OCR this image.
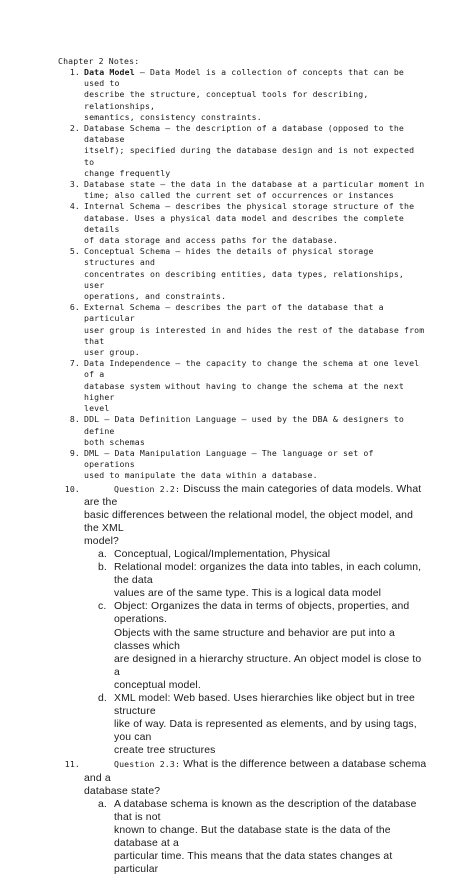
Chapter 2 Notes:
1. Data Model – Data Model is a collection of concepts that can be used to
describe the structure, conceptual tools for describing, relationships,
semantics, consistency constraints.
2. Database Schema – the description of a database (opposed to the database
itself); specified during the database design and is not expected to
change frequently
3. Database state – the data in the database at a particular moment in
time; also called the current set of occurrences or instances
4. Internal Schema – describes the physical storage structure of the
database. Uses a physical data model and describes the complete details
of data storage and access paths for the database.
5. Conceptual Schema – hides the details of physical storage structures and
concentrates on describing entities, data types, relationships, user
operations, and constraints.
6. External Schema – describes the part of the database that a particular
user group is interested in and hides the rest of the database from that
user group.
7. Data Independence – the capacity to change the schema at one level of a
database system without having to change the schema at the next higher
level
8. DDL – Data Definition Language – used by the DBA & designers to define
both schemas
9. DML – Data Manipulation Language – The language or set of operations
used to manipulate the data within a database.
10.	Question 2.2: Discuss the main categories of data models. What are the
basic differences between the relational model, the object model, and the XML
model?
a. Conceptual, Logical/Implementation, Physical
b. Relational model: organizes the data into tables, in each column, the data
values are of the same type. This is a logical data model
c. Object: Organizes the data in terms of objects, properties, and operations.
Objects with the same structure and behavior are put into a classes which
are designed in a hierarchy structure. An object model is close to a
conceptual model.
d. XML model: Web based. Uses hierarchies like object but in tree structure
like of way. Data is represented as elements, and by using tags, you can
create tree structures
11.	Question 2.3: What is the difference between a database schema and a
database state?
a. A database schema is known as the description of the database that is not
known to change. But the database state is the data of the database at a
particular time. This means that the data states changes at particular
